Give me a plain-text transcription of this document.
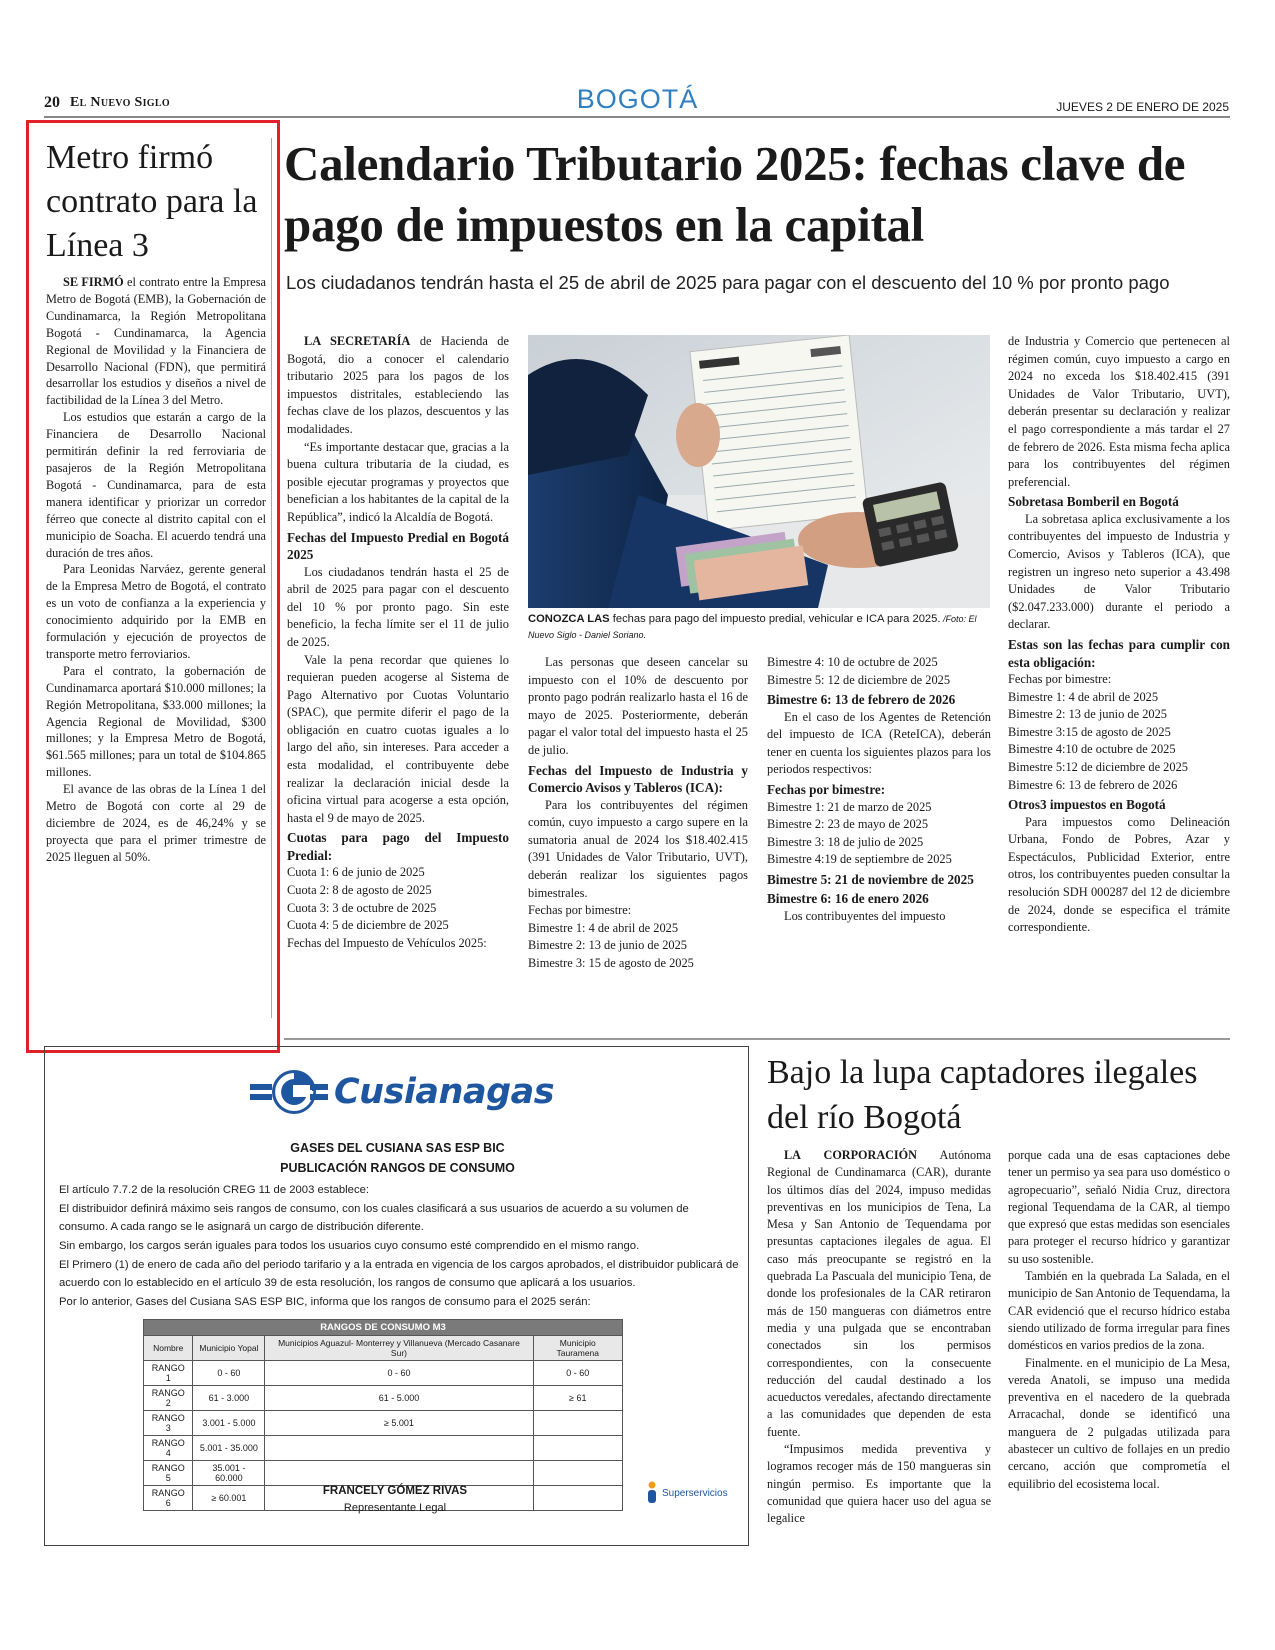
20 El Nuevo Siglo	BOGOTÁ	JUEVES 2 DE ENERO DE 2025
Metro firmó contrato para la Línea 3

SE FIRMÓ el contrato entre la Empresa Metro de Bogotá (EMB), la Gobernación de Cundinamarca, la Región Metropolitana Bogotá - Cundinamarca, la Agencia Regional de Movilidad y la Financiera de Desarrollo Nacional (FDN), que permitirá desarrollar los estudios y diseños a nivel de factibilidad de la Línea 3 del Metro.

Los estudios que estarán a cargo de la Financiera de Desarrollo Nacional permitirán definir la red ferroviaria de pasajeros de la Región Metropolitana Bogotá - Cundinamarca, para de esta manera identificar y priorizar un corredor férreo que conecte al distrito capital con el municipio de Soacha. El acuerdo tendrá una duración de tres años.

Para Leonidas Narváez, gerente general de la Empresa Metro de Bogotá, el contrato es un voto de confianza a la experiencia y conocimiento adquirido por la EMB en formulación y ejecución de proyectos de transporte metro ferroviarios.

Para el contrato, la gobernación de Cundinamarca aportará $10.000 millones; la Región Metropolitana, $33.000 millones; la Agencia Regional de Movilidad, $300 millones; y la Empresa Metro de Bogotá, $61.565 millones; para un total de $104.865 millones.

El avance de las obras de la Línea 1 del Metro de Bogotá con corte al 29 de diciembre de 2024, es de 46,24% y se proyecta que para el primer trimestre de 2025 lleguen al 50%.

Calendario Tributario 2025: fechas clave de pago de impuestos en la capital
Los ciudadanos tendrán hasta el 25 de abril de 2025 para pagar con el descuento del 10 % por pronto pago

LA SECRETARÍA de Hacienda de Bogotá, dio a conocer el calendario tributario 2025 para los pagos de los impuestos distritales, estableciendo las fechas clave de los plazos, descuentos y las modalidades.

“Es importante destacar que, gracias a la buena cultura tributaria de la ciudad, es posible ejecutar programas y proyectos que benefician a los habitantes de la capital de la República”, indicó la Alcaldía de Bogotá.

Fechas del Impuesto Predial en Bogotá 2025

Los ciudadanos tendrán hasta el 25 de abril de 2025 para pagar con el descuento del 10 % por pronto pago. Sin este beneficio, la fecha límite ser el 11 de julio de 2025.

Vale la pena recordar que quienes lo requieran pueden acogerse al Sistema de Pago Alternativo por Cuotas Voluntario (SPAC), que permite diferir el pago de la obligación en cuatro cuotas iguales a lo largo del año, sin intereses. Para acceder a esta modalidad, el contribuyente debe realizar la declaración inicial desde la oficina virtual para acogerse a esta opción, hasta el 9 de mayo de 2025.

Cuotas para pago del Impuesto Predial:

Cuota 1: 6 de junio de 2025

Cuota 2: 8 de agosto de 2025

Cuota 3: 3 de octubre de 2025

Cuota 4: 5 de diciembre de 2025

Fechas del Impuesto de Vehículos 2025:

CONOZCA LAS fechas para pago del impuesto predial, vehicular e ICA para 2025. /Foto: El Nuevo Siglo - Daniel Soriano.

Las personas que deseen cancelar su impuesto con el 10% de descuento por pronto pago podrán realizarlo hasta el 16 de mayo de 2025. Posteriormente, deberán pagar el valor total del impuesto hasta el 25 de julio.

Fechas del Impuesto de Industria y Comercio Avisos y Tableros (ICA):

Para los contribuyentes del régimen común, cuyo impuesto a cargo supere en la sumatoria anual de 2024 los $18.402.415 (391 Unidades de Valor Tributario, UVT), deberán realizar los siguientes pagos bimestrales.

Fechas por bimestre:

Bimestre 1: 4 de abril de 2025

Bimestre 2: 13 de junio de 2025

Bimestre 3: 15 de agosto de 2025

Bimestre 4: 10 de octubre de 2025

Bimestre 5: 12 de diciembre de 2025

Bimestre 6: 13 de febrero de 2026

En el caso de los Agentes de Retención del impuesto de ICA (ReteICA), deberán tener en cuenta los siguientes plazos para los periodos respectivos:

Fechas por bimestre:

Bimestre 1: 21 de marzo de 2025

Bimestre 2: 23 de mayo de 2025

Bimestre 3: 18 de julio de 2025

Bimestre 4:19 de septiembre de 2025

Bimestre 5: 21 de noviembre de 2025
Bimestre 6: 16 de enero 2026

Los contribuyentes del impuesto

de Industria y Comercio que pertenecen al régimen común, cuyo impuesto a cargo en 2024 no exceda los $18.402.415 (391 Unidades de Valor Tributario, UVT), deberán presentar su declaración y realizar el pago correspondiente a más tardar el 27 de febrero de 2026. Esta misma fecha aplica para los contribuyentes del régimen preferencial.

Sobretasa Bomberil en Bogotá

La sobretasa aplica exclusivamente a los contribuyentes del impuesto de Industria y Comercio, Avisos y Tableros (ICA), que registren un ingreso neto superior a 43.498 Unidades de Valor Tributario ($2.047.233.000) durante el periodo a declarar.

Estas son las fechas para cumplir con esta obligación:

Fechas por bimestre:

Bimestre 1: 4 de abril de 2025

Bimestre 2: 13 de junio de 2025

Bimestre 3:15 de agosto de 2025

Bimestre 4:10 de octubre de 2025

Bimestre 5:12 de diciembre de 2025

Bimestre 6: 13 de febrero de 2026

Otros3 impuestos en Bogotá

Para impuestos como Delineación Urbana, Fondo de Pobres, Azar y Espectáculos, Publicidad Exterior, entre otros, los contribuyentes pueden consultar la resolución SDH 000287 del 12 de diciembre de 2024, donde se especifica el trámite correspondiente.

Cusianagas
GASES DEL CUSIANA SAS ESP BIC
PUBLICACIÓN RANGOS DE CONSUMO
El artículo 7.7.2 de la resolución CREG 11 de 2003 establece:
El distribuidor definirá máximo seis rangos de consumo, con los cuales clasificará a sus usuarios de acuerdo a su volumen de consumo. A cada rango se le asignará un cargo de distribución diferente.
Sin embargo, los cargos serán iguales para todos los usuarios cuyo consumo esté comprendido en el mismo rango.
El Primero (1) de enero de cada año del periodo tarifario y a la entrada en vigencia de los cargos aprobados, el distribuidor publicará de acuerdo con lo establecido en el artículo 39 de esta resolución, los rangos de consumo que aplicará a los usuarios.
Por lo anterior, Gases del Cusiana SAS ESP BIC, informa que los rangos de consumo para el 2025 serán:
RANGOS DE CONSUMO M3			
Nombre	Municipio Yopal	Municipios Aguazul- Monterrey y Villanueva (Mercado Casanare Sur)	Municipio Tauramena
RANGO 1	0 - 60	0 - 60	0 - 60
RANGO 2	61 - 3.000	61 - 5.000	≥ 61
RANGO 3	3.001 - 5.000	≥ 5.001	
RANGO 4	5.001 - 35.000		
RANGO 5	35.001 - 60.000		
RANGO 6	≥ 60.001		
FRANCELY GÓMEZ RIVAS
Representante Legal
Superservicios
Bajo la lupa captadores ilegales del río Bogotá

LA CORPORACIÓN Autónoma Regional de Cundinamarca (CAR), durante los últimos días del 2024, impuso medidas preventivas en los municipios de Tena, La Mesa y San Antonio de Tequendama por presuntas captaciones ilegales de agua. El caso más preocupante se registró en la quebrada La Pascuala del municipio Tena, de donde los profesionales de la CAR retiraron más de 150 mangueras con diámetros entre media y una pulgada que se encontraban conectados sin los permisos correspondientes, con la consecuente reducción del caudal destinado a los acueductos veredales, afectando directamente a las comunidades que dependen de esta fuente.

“Impusimos medida preventiva y logramos recoger más de 150 mangueras sin ningún permiso. Es importante que la comunidad que quiera hacer uso del agua se legalice

porque cada una de esas captaciones debe tener un permiso ya sea para uso doméstico o agropecuario”, señaló Nidia Cruz, directora regional Tequendama de la CAR, al tiempo que expresó que estas medidas son esenciales para proteger el recurso hídrico y garantizar su uso sostenible.

También en la quebrada La Salada, en el municipio de San Antonio de Tequendama, la CAR evidenció que el recurso hídrico estaba siendo utilizado de forma irregular para fines domésticos en varios predios de la zona.

Finalmente. en el municipio de La Mesa, vereda Anatoli, se impuso una medida preventiva en el nacedero de la quebrada Arracachal, donde se identificó una manguera de 2 pulgadas utilizada para abastecer un cultivo de follajes en un predio cercano, acción que comprometía el equilibrio del ecosistema local.
